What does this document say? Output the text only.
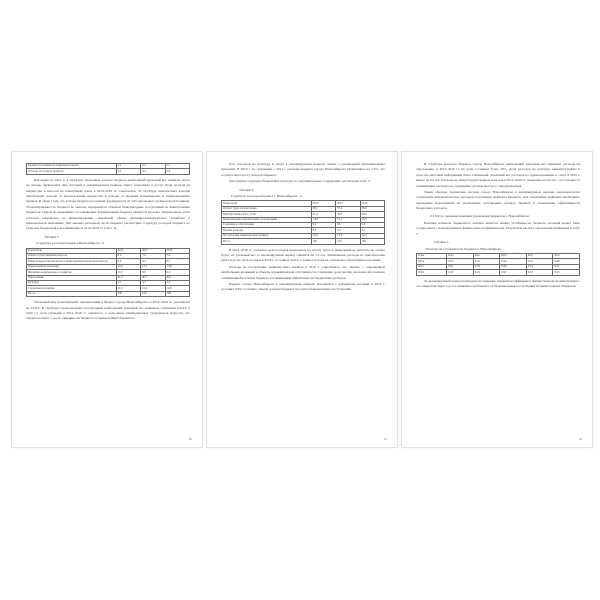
Бюджет поселения по разделам расходов	5,1	5,2	1,1
Расходы по разделу культура	4,3	4,2	1,0

Как видно из табл. 2, в структуре налоговых доходов бюджета наибольший удельный вес занимает налог на доходы физических лиц, который в анализируемом периоде имеет тенденцию к росту. Доля налогов на имущество и налогов на совокупный доход в 2014–2016 гг. сократилась. В структуре неналоговых доходов преобладают доходы от использования имущества и доходы от продажи материальных и нематериальных активов. В связи с тем, что доходы бюджета поселения формируются за счёт небольшого количества источников, сбалансированность бюджета во многом определяется объемом безвозмездных поступлений из вышестоящих бюджетов. Одной из важнейших составляющих формирования бюджета являются расходы. Значительная часть расходов направлена на финансирование социальной сферы, жилищно-коммунального хозяйства и национальной экономики. Для анализа расходной части бюджета рассмотрим структуру расходов бюджета по разделам бюджетной классификации за 2014–2016 гг. (табл. 3).

Таблица 3

Структура расходов бюджета Новосибирска, %

Показатели	2014	2015	2016
Общегосударственные вопросы	8,2	7,9	7,6
Национальная безопасность и правоохранительная деятельность	0,6	0,5	0,5
Национальная экономика	12,4	13,1	13,8
Жилищно-коммунальное хозяйство	10,3	9,8	9,4
Образование	41,2	40,7	40,1
Культура	3,1	3,3	3,4
Социальная политика	11,9	12,4	12,9
Итого	100	100	100

Указанный вид безвозмездных перечислений в бюджет города Новосибирска за 2014–2016 гг. увеличился на 13,6%. В структуре безвозмездных поступлений наибольший удельный вес занимают субвенции (54,2% в 2016 г.), доля субсидий в 2014–2016 гг. снизилась, а доля иных межбюджетных трансфертов возросла, что свидетельствует о росте зависимости бюджета от вышестоящих бюджетов.

20

Рост расходов на культуру и спорт в анализируемом периоде связан с реализацией муниципальных программ. В 2016 г. по сравнению с 2014 г. расходы бюджета города Новосибирска увеличились на 7,2%, что соответствует росту доходов бюджета.

Для оценки структуры бюджетных расходов по экономическому содержанию рассмотрим табл. 4.

Таблица 4

Структура расходов бюджета г. Новосибирска, %

Показатели	2014	2015	2016
Оплата труда и начисления	38,1	37,4	36,9
Приобретение работ, услуг	21,4	22,0	22,6
Безвозмездные перечисления организациям	14,8	15,1	15,3
Социальное обеспечение	9,2	9,6	9,9
Прочие расходы	3,6	3,3	3,1
Поступление нефинансовых активов	12,9	12,6	12,2
Итого	100	100	100

В 2014–2016 гг. основная доля расходов приходится на оплату труда и начисления на выплаты по оплате труда, их удельный вес за анализируемый период снизился на 1,2 п.п. Увеличились расходы на приобретение работ и услуг, доля которых в 2016 г. составила 22,6%, а также расходы на социальное обеспечение населения.

Расходы на поступление нефинансовых активов в 2016 г. сократились, что связано с сокращением капитальных вложений в объекты муниципальной собственности. Снижение доли прочих расходов обусловлено оптимизацией расходов бюджета и повышением эффективности бюджетных расходов.

Бюджет города Новосибирска в анализируемом периоде исполнялся с дефицитом, который в 2016 г. составил 3,6% от общего объема доходов бюджета без учета безвозмездных поступлений.

21

В структуре расходов бюджета города Новосибирска наибольший удельный вес занимают расходы на образование, в 2014–2016 гг. их доля составила более 40%. Доля расходов на культуру, кинематографию и средства массовой информации была стабильной. Удельный вес расходов на здравоохранение и спорт в 2016 г. вырос на 0,5 п.п. Расходы на общегосударственные вопросы в 2014–2016 гг. снизились на 0,6 п.п., что говорит об оптимизации расходов на содержание органов местного самоуправления.

Таким образом, бюджетная система города Новосибирска в анализируемом периоде характеризуется социальной направленностью расходов и наличием дефицита бюджета. Для сокращения дефицита необходимо проведение мероприятий по увеличению собственных доходов бюджета и повышению эффективности бюджетных расходов.

2.3 Пути совершенствования управления бюджетом г. Новосибирска

Важным аспектом бюджетного анализа является анализ устойчивости бюджета, который может быть осуществлен с использованием финансовых коэффициентов. Результаты расчета показателей приведены в табл. 5.

Таблица 5

Показатели устойчивости бюджета г. Новосибирска

Годы	Кфа	Кав	Кпб	Кзд	Кбп
2014	0,63	0,37	0,94	0,12	0,48
2015	0,61	0,39	0,96	0,14	0,51
2016	0,59	0,41	0,97	0,16	0,53

За анализируемый период наблюдается снижение значения коэффициента финансовой автономии бюджета, что свидетельствует о росте зависимости бюджета от безвозмездных поступлений из вышестоящих бюджетов.

22
